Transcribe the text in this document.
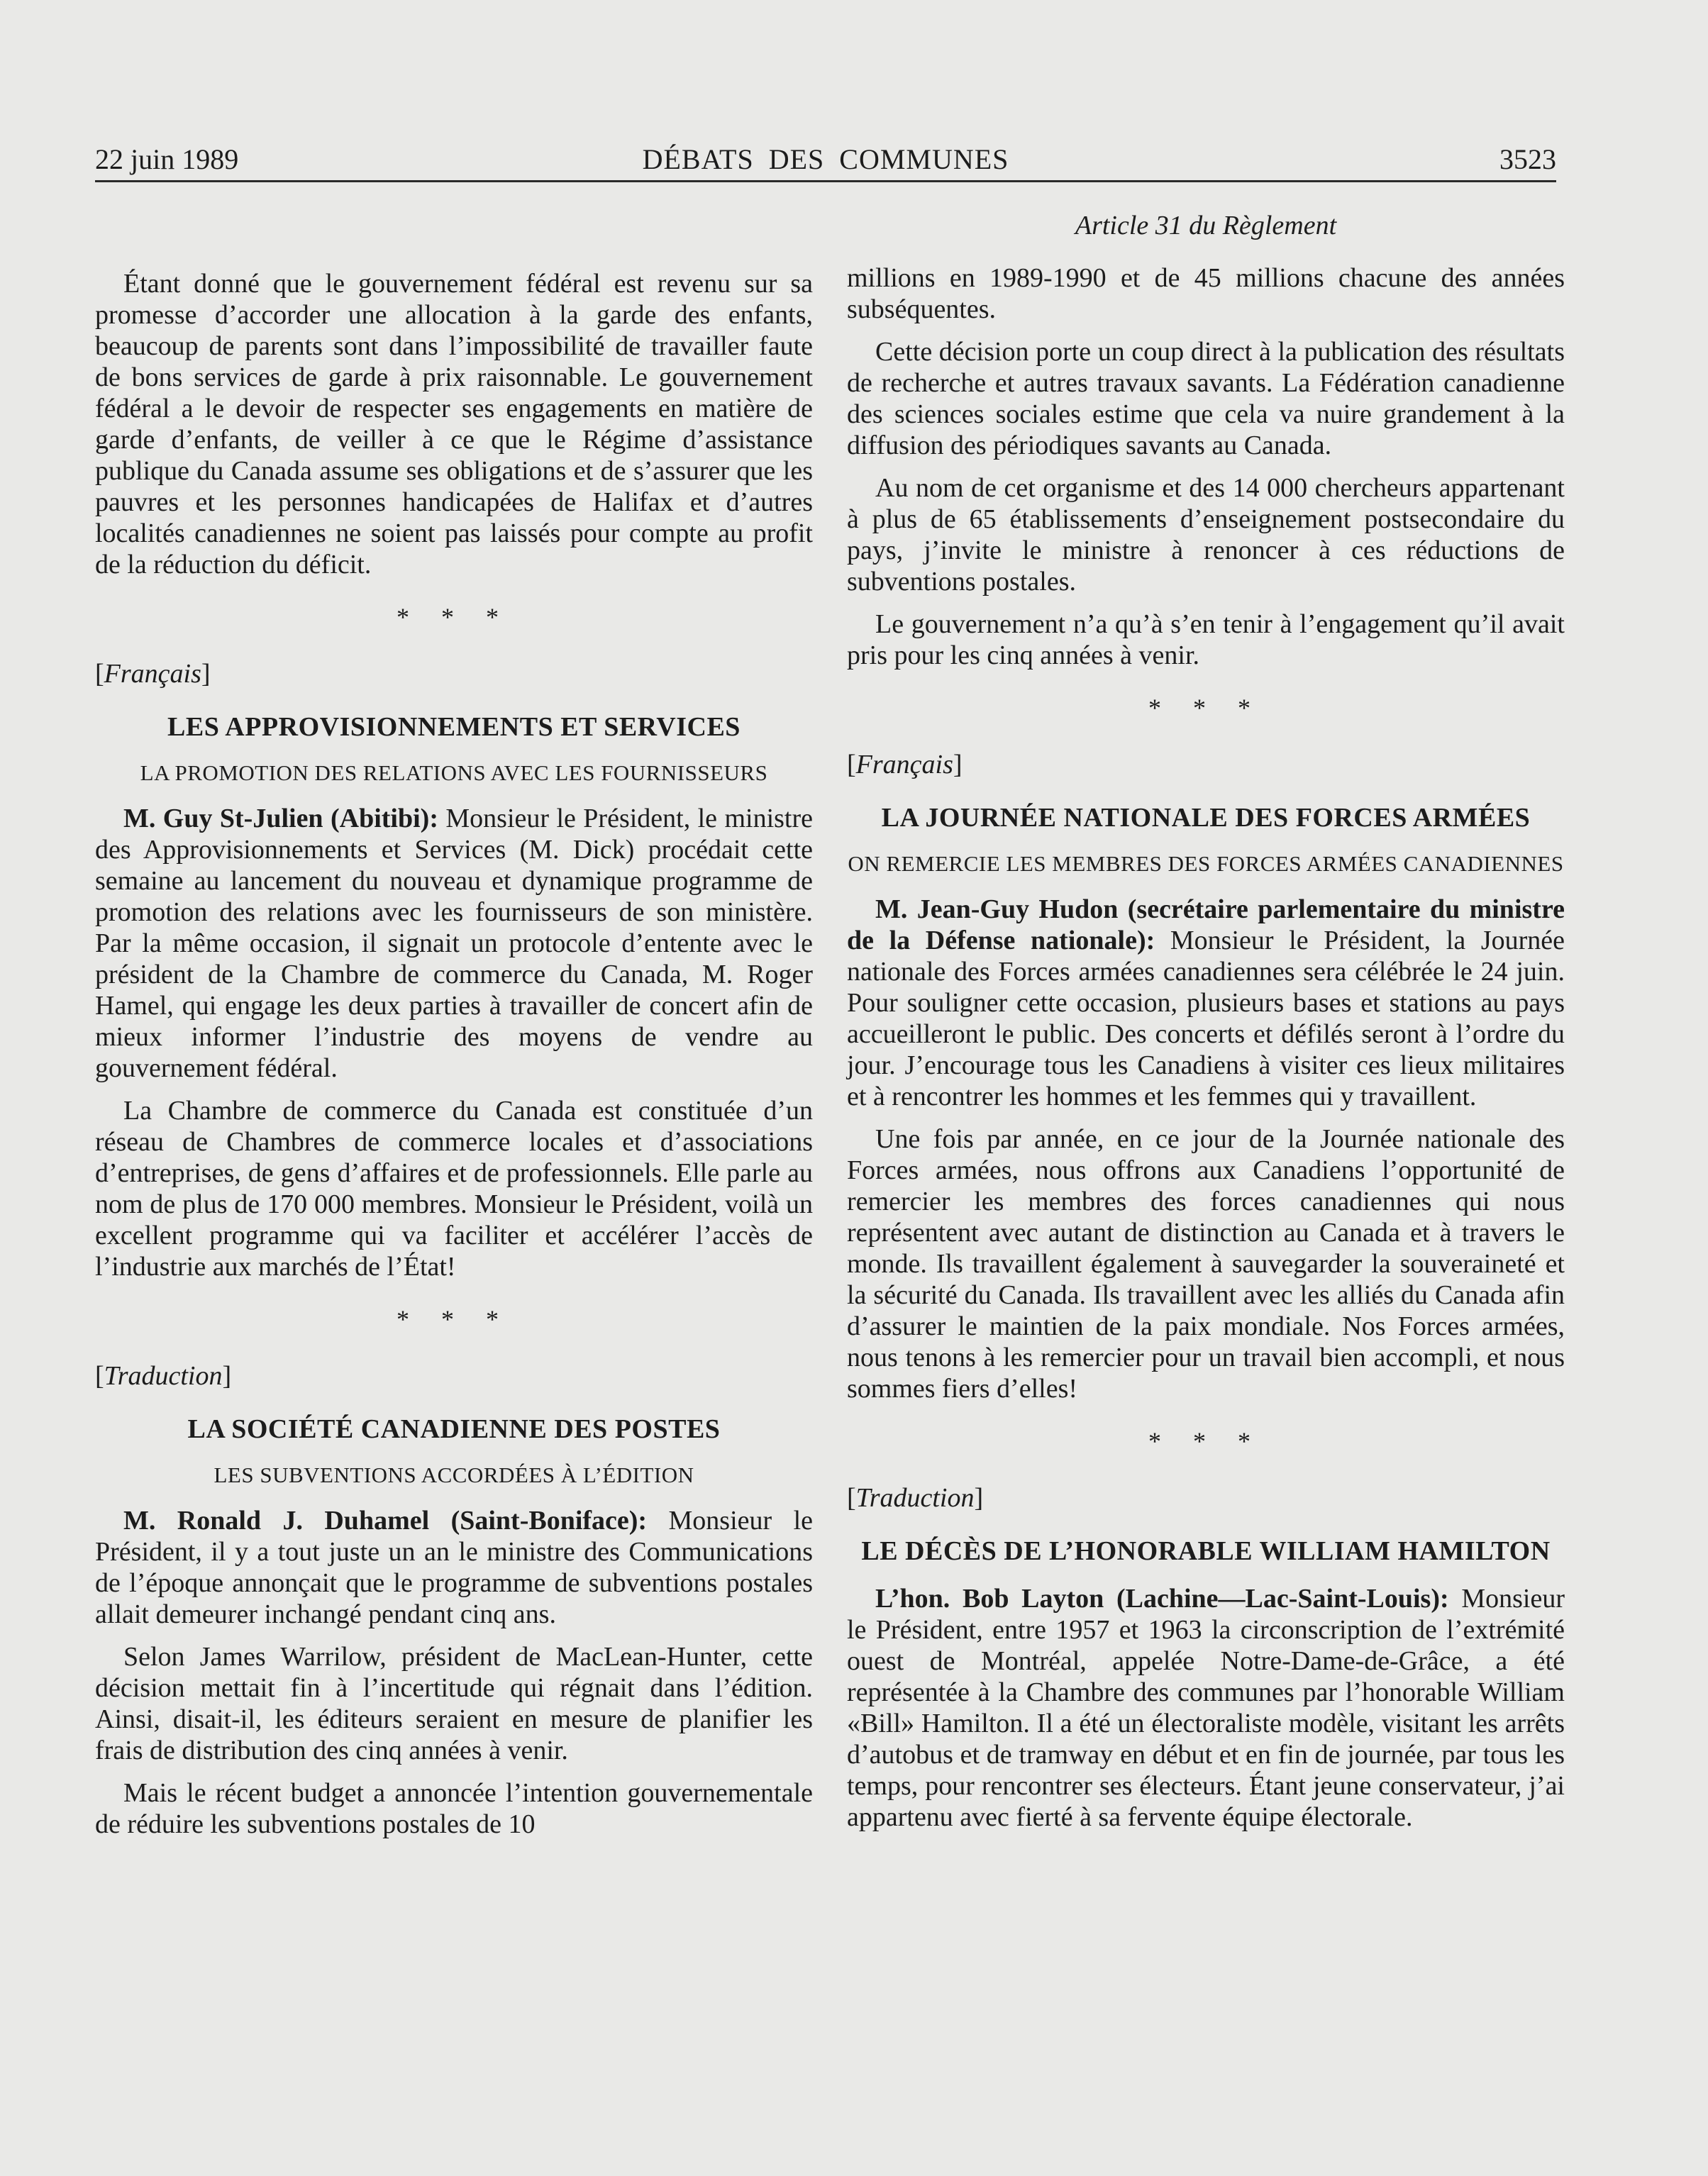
22 juin 1989	DÉBATS DES COMMUNES	3523

Étant donné que le gouvernement fédéral est revenu sur sa promesse d’accorder une allocation à la garde des enfants, beaucoup de parents sont dans l’impossibilité de travailler faute de bons services de garde à prix raisonnable. Le gouvernement fédéral a le devoir de respecter ses engagements en matière de garde d’enfants, de veiller à ce que le Régime d’assistance publique du Canada assume ses obligations et de s’assurer que les pauvres et les personnes handicapées de Halifax et d’autres localités canadiennes ne soient pas laissés pour compte au profit de la réduction du déficit.

* * *
[Français]
LES APPROVISIONNEMENTS ET SERVICES
LA PROMOTION DES RELATIONS AVEC LES FOURNISSEURS

M. Guy St-Julien (Abitibi): Monsieur le Président, le ministre des Approvisionnements et Services (M. Dick) procédait cette semaine au lancement du nouveau et dynamique programme de promotion des relations avec les fournisseurs de son ministère. Par la même occasion, il signait un protocole d’entente avec le président de la Chambre de commerce du Canada, M. Roger Hamel, qui engage les deux parties à travailler de concert afin de mieux informer l’industrie des moyens de vendre au gouvernement fédéral.

La Chambre de commerce du Canada est constituée d’un réseau de Chambres de commerce locales et d’associations d’entreprises, de gens d’affaires et de professionnels. Elle parle au nom de plus de 170 000 membres. Monsieur le Président, voilà un excellent programme qui va faciliter et accélérer l’accès de l’industrie aux marchés de l’État!

* * *
[Traduction]
LA SOCIÉTÉ CANADIENNE DES POSTES
LES SUBVENTIONS ACCORDÉES À L’ÉDITION

M. Ronald J. Duhamel (Saint-Boniface): Monsieur le Président, il y a tout juste un an le ministre des Communications de l’époque annonçait que le programme de subventions postales allait demeurer inchangé pendant cinq ans.

Selon James Warrilow, président de MacLean-Hunter, cette décision mettait fin à l’incertitude qui régnait dans l’édition. Ainsi, disait-il, les éditeurs seraient en mesure de planifier les frais de distribution des cinq années à venir.

Mais le récent budget a annoncée l’intention gouvernementale de réduire les subventions postales de 10

Article 31 du Règlement

millions en 1989-1990 et de 45 millions chacune des années subséquentes.

Cette décision porte un coup direct à la publication des résultats de recherche et autres travaux savants. La Fédération canadienne des sciences sociales estime que cela va nuire grandement à la diffusion des périodiques savants au Canada.

Au nom de cet organisme et des 14 000 chercheurs appartenant à plus de 65 établissements d’enseignement postsecondaire du pays, j’invite le ministre à renoncer à ces réductions de subventions postales.

Le gouvernement n’a qu’à s’en tenir à l’engagement qu’il avait pris pour les cinq années à venir.

* * *
[Français]
LA JOURNÉE NATIONALE DES FORCES ARMÉES
ON REMERCIE LES MEMBRES DES FORCES ARMÉES CANADIENNES

M. Jean-Guy Hudon (secrétaire parlementaire du ministre de la Défense nationale): Monsieur le Président, la Journée nationale des Forces armées canadiennes sera célébrée le 24 juin. Pour souligner cette occasion, plusieurs bases et stations au pays accueilleront le public. Des concerts et défilés seront à l’ordre du jour. J’encourage tous les Canadiens à visiter ces lieux militaires et à rencontrer les hommes et les femmes qui y travaillent.

Une fois par année, en ce jour de la Journée nationale des Forces armées, nous offrons aux Canadiens l’opportunité de remercier les membres des forces canadiennes qui nous représentent avec autant de distinction au Canada et à travers le monde. Ils travaillent également à sauvegarder la souveraineté et la sécurité du Canada. Ils travaillent avec les alliés du Canada afin d’assurer le maintien de la paix mondiale. Nos Forces armées, nous tenons à les remercier pour un travail bien accompli, et nous sommes fiers d’elles!

* * *
[Traduction]
LE DÉCÈS DE L’HONORABLE WILLIAM HAMILTON

L’hon. Bob Layton (Lachine—Lac-Saint-Louis): Monsieur le Président, entre 1957 et 1963 la circonscription de l’extrémité ouest de Montréal, appelée Notre-Dame-de-Grâce, a été représentée à la Chambre des communes par l’honorable William «Bill» Hamilton. Il a été un électoraliste modèle, visitant les arrêts d’autobus et de tramway en début et en fin de journée, par tous les temps, pour rencontrer ses électeurs. Étant jeune conservateur, j’ai appartenu avec fierté à sa fervente équipe électorale.
